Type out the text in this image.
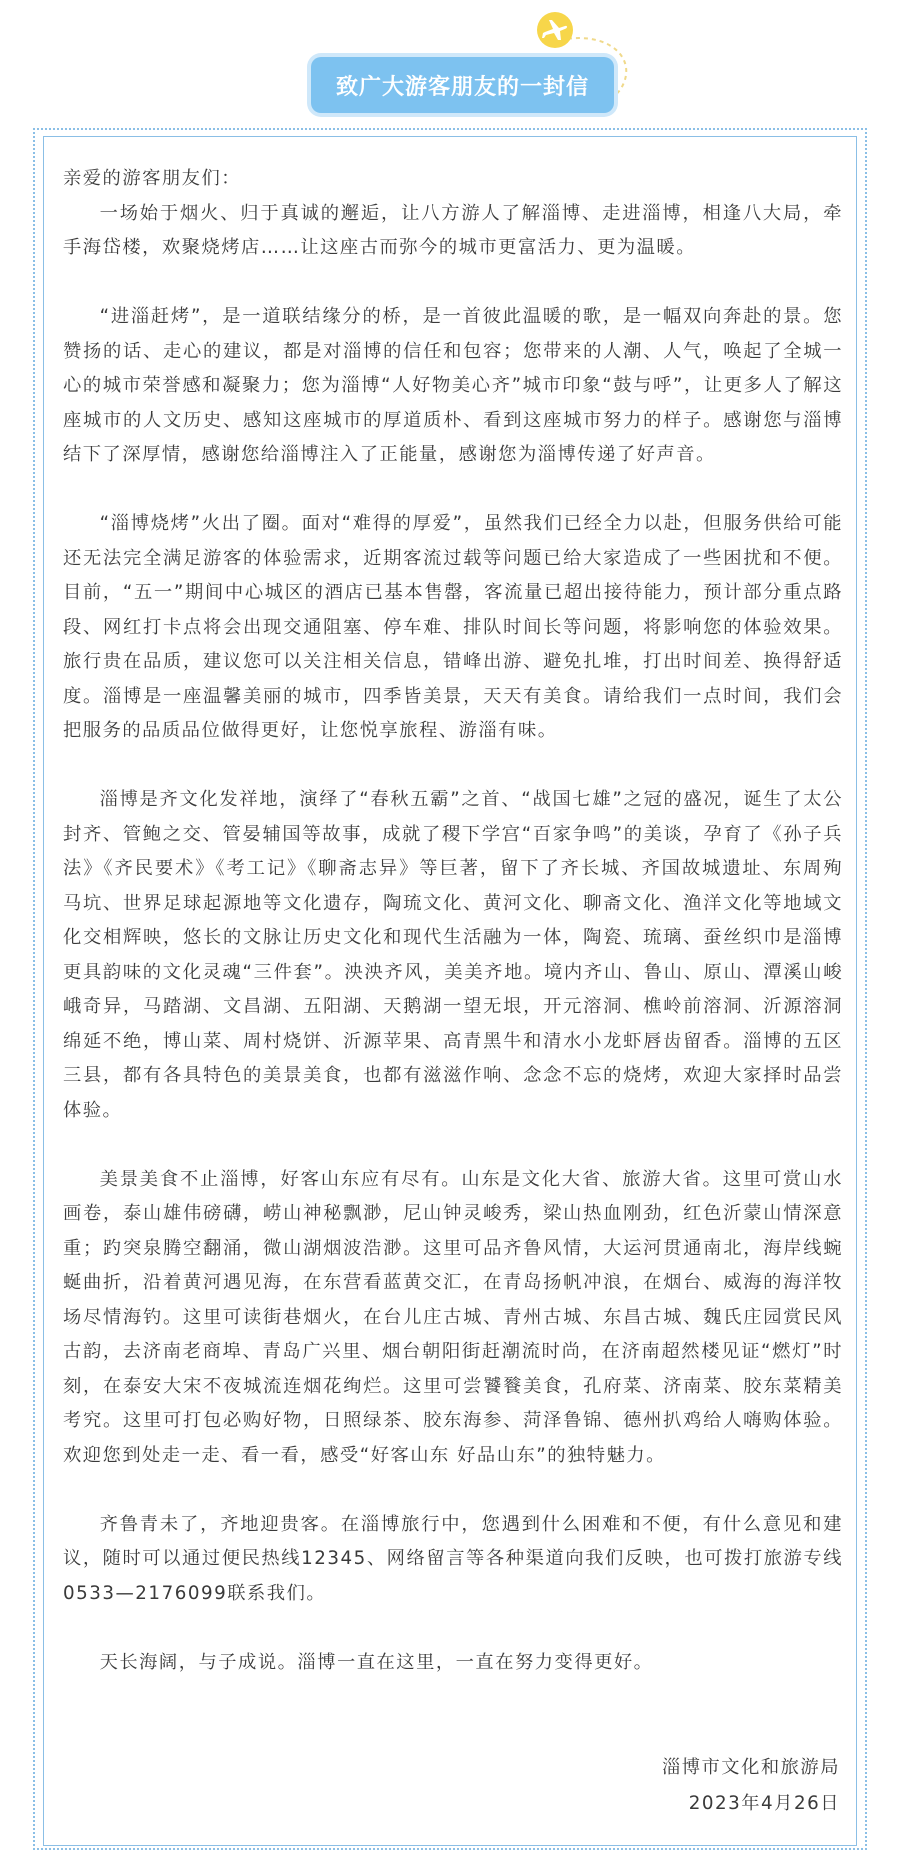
致广大游客朋友的一封信

亲爱的游客朋友们：

一场始于烟火、归于真诚的邂逅，让八方游人了解淄博、走进淄博，相逢八大局，牵手海岱楼，欢聚烧烤店……让这座古而弥今的城市更富活力、更为温暖。

“进淄赶烤”，是一道联结缘分的桥，是一首彼此温暖的歌，是一幅双向奔赴的景。您赞扬的话、走心的建议，都是对淄博的信任和包容；您带来的人潮、人气，唤起了全城一心的城市荣誉感和凝聚力；您为淄博“人好物美心齐”城市印象“鼓与呼”，让更多人了解这座城市的人文历史、感知这座城市的厚道质朴、看到这座城市努力的样子。感谢您与淄博结下了深厚情，感谢您给淄博注入了正能量，感谢您为淄博传递了好声音。

“淄博烧烤”火出了圈。面对“难得的厚爱”，虽然我们已经全力以赴，但服务供给可能还无法完全满足游客的体验需求，近期客流过载等问题已给大家造成了一些困扰和不便。目前，“五一”期间中心城区的酒店已基本售罄，客流量已超出接待能力，预计部分重点路段、网红打卡点将会出现交通阻塞、停车难、排队时间长等问题，将影响您的体验效果。旅行贵在品质，建议您可以关注相关信息，错峰出游、避免扎堆，打出时间差、换得舒适度。淄博是一座温馨美丽的城市，四季皆美景，天天有美食。请给我们一点时间，我们会把服务的品质品位做得更好，让您悦享旅程、游淄有味。

淄博是齐文化发祥地，演绎了“春秋五霸”之首、“战国七雄”之冠的盛况，诞生了太公封齐、管鲍之交、管晏辅国等故事，成就了稷下学宫“百家争鸣”的美谈，孕育了《孙子兵法》《齐民要术》《考工记》《聊斋志异》等巨著，留下了齐长城、齐国故城遗址、东周殉马坑、世界足球起源地等文化遗存，陶琉文化、黄河文化、聊斋文化、渔洋文化等地域文化交相辉映，悠长的文脉让历史文化和现代生活融为一体，陶瓷、琉璃、蚕丝织巾是淄博更具韵味的文化灵魂“三件套”。泱泱齐风，美美齐地。境内齐山、鲁山、原山、潭溪山峻峨奇异，马踏湖、文昌湖、五阳湖、天鹅湖一望无垠，开元溶洞、樵岭前溶洞、沂源溶洞绵延不绝，博山菜、周村烧饼、沂源苹果、高青黑牛和清水小龙虾唇齿留香。淄博的五区三县，都有各具特色的美景美食，也都有滋滋作响、念念不忘的烧烤，欢迎大家择时品尝体验。

美景美食不止淄博，好客山东应有尽有。山东是文化大省、旅游大省。这里可赏山水画卷，泰山雄伟磅礴，崂山神秘飘渺，尼山钟灵峻秀，梁山热血刚劲，红色沂蒙山情深意重；趵突泉腾空翻涌，微山湖烟波浩渺。这里可品齐鲁风情，大运河贯通南北，海岸线蜿蜒曲折，沿着黄河遇见海，在东营看蓝黄交汇，在青岛扬帆冲浪，在烟台、威海的海洋牧场尽情海钓。这里可读街巷烟火，在台儿庄古城、青州古城、东昌古城、魏氏庄园赏民风古韵，去济南老商埠、青岛广兴里、烟台朝阳街赶潮流时尚，在济南超然楼见证“燃灯”时刻，在泰安大宋不夜城流连烟花绚烂。这里可尝饕餮美食，孔府菜、济南菜、胶东菜精美考究。这里可打包必购好物，日照绿茶、胶东海参、菏泽鲁锦、德州扒鸡给人嗨购体验。欢迎您到处走一走、看一看，感受“好客山东 好品山东”的独特魅力。

齐鲁青未了，齐地迎贵客。在淄博旅行中，您遇到什么困难和不便，有什么意见和建议，随时可以通过便民热线12345、网络留言等各种渠道向我们反映，也可拨打旅游专线0533—2176099联系我们。

天长海阔，与子成说。淄博一直在这里，一直在努力变得更好。

淄博市文化和旅游局
2023年4月26日
